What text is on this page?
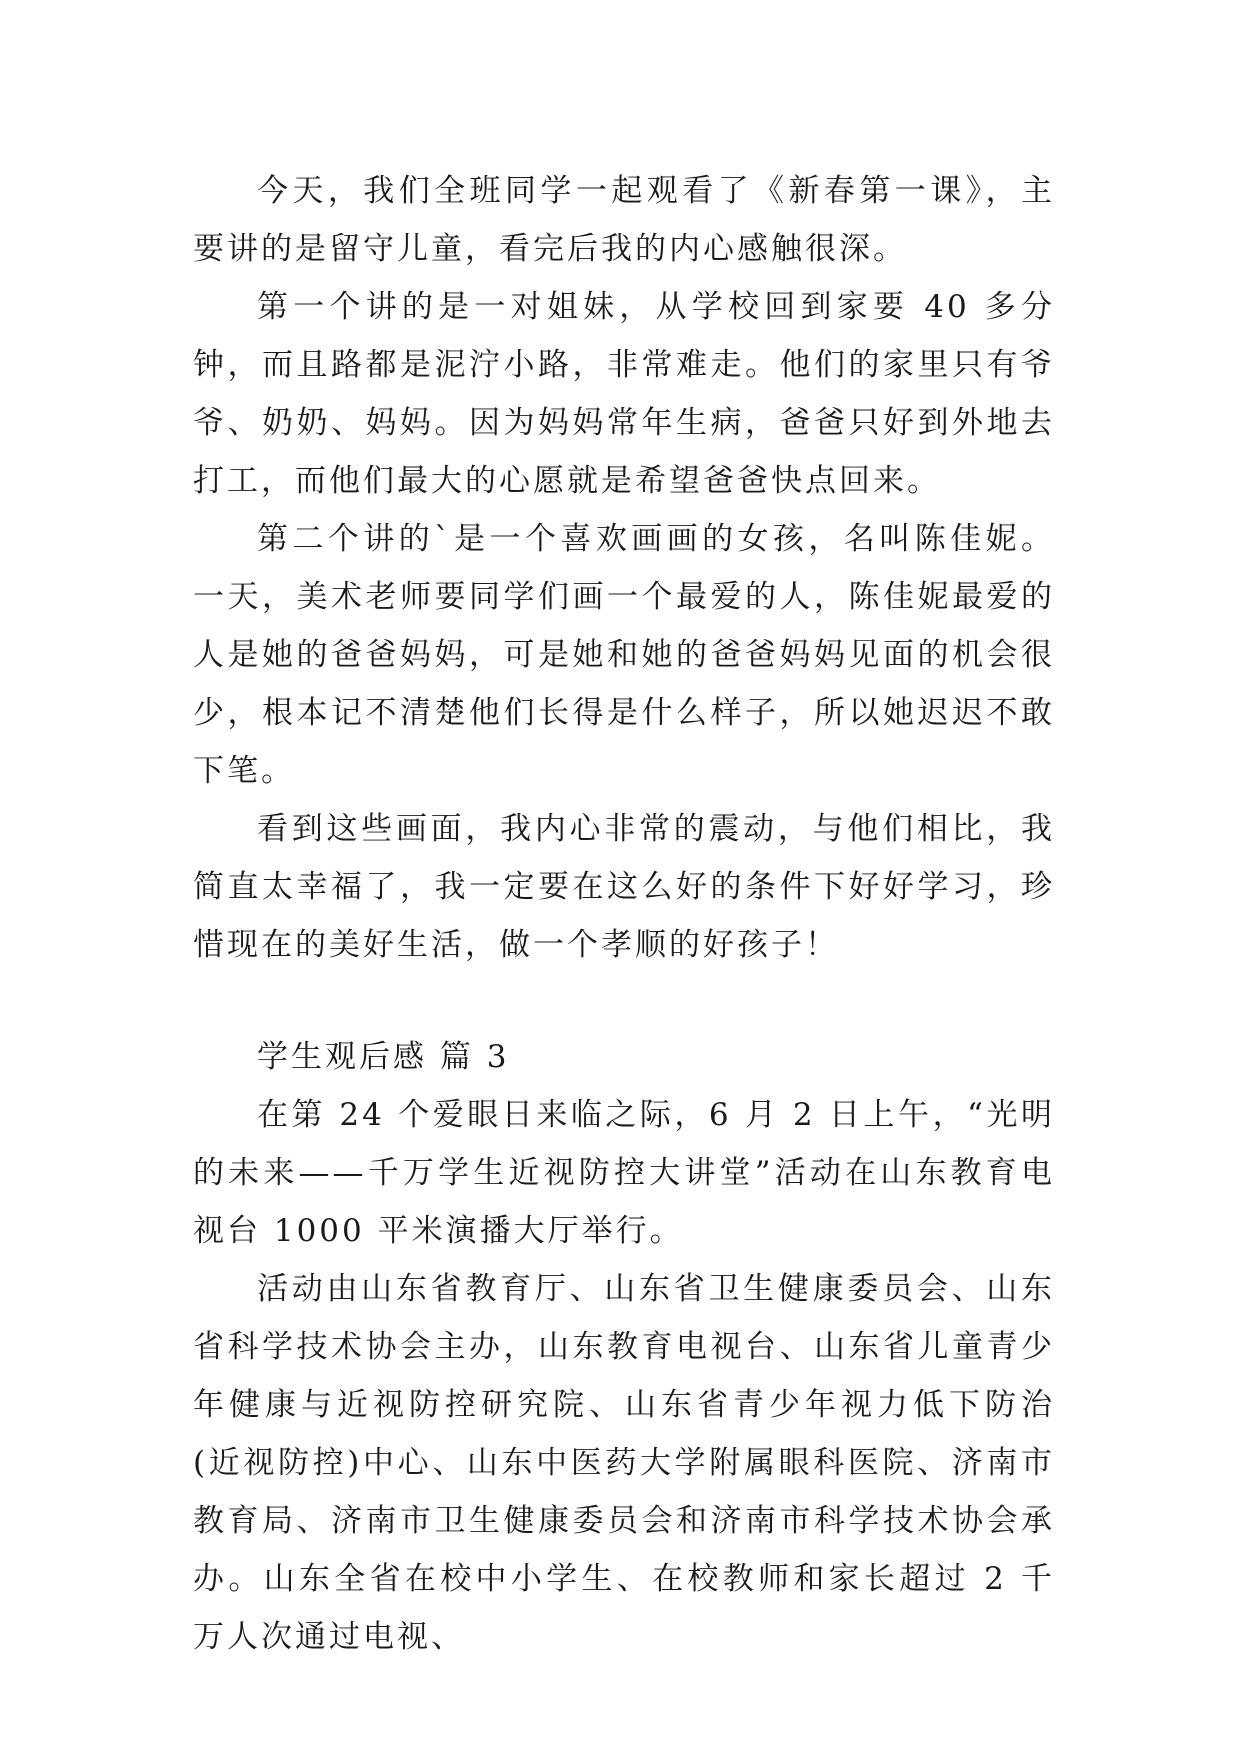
今天，我们全班同学一起观看了《新春第一课》，主要讲的是留守儿童，看完后我的内心感触很深。

第一个讲的是一对姐妹，从学校回到家要 40 多分钟，而且路都是泥泞小路，非常难走。他们的家里只有爷爷、奶奶、妈妈。因为妈妈常年生病，爸爸只好到外地去打工，而他们最大的心愿就是希望爸爸快点回来。

第二个讲的`是一个喜欢画画的女孩，名叫陈佳妮。一天，美术老师要同学们画一个最爱的人，陈佳妮最爱的人是她的爸爸妈妈，可是她和她的爸爸妈妈见面的机会很少，根本记不清楚他们长得是什么样子，所以她迟迟不敢下笔。

看到这些画面，我内心非常的震动，与他们相比，我简直太幸福了，我一定要在这么好的条件下好好学习，珍惜现在的美好生活，做一个孝顺的好孩子！

学生观后感 篇 3

在第 24 个爱眼日来临之际，6 月 2 日上午，“光明的未来——千万学生近视防控大讲堂”活动在山东教育电视台 1000 平米演播大厅举行。

活动由山东省教育厅、山东省卫生健康委员会、山东省科学技术协会主办，山东教育电视台、山东省儿童青少年健康与近视防控研究院、山东省青少年视力低下防治(近视防控)中心、山东中医药大学附属眼科医院、济南市教育局、济南市卫生健康委员会和济南市科学技术协会承办。山东全省在校中小学生、在校教师和家长超过 2 千万人次通过电视、
